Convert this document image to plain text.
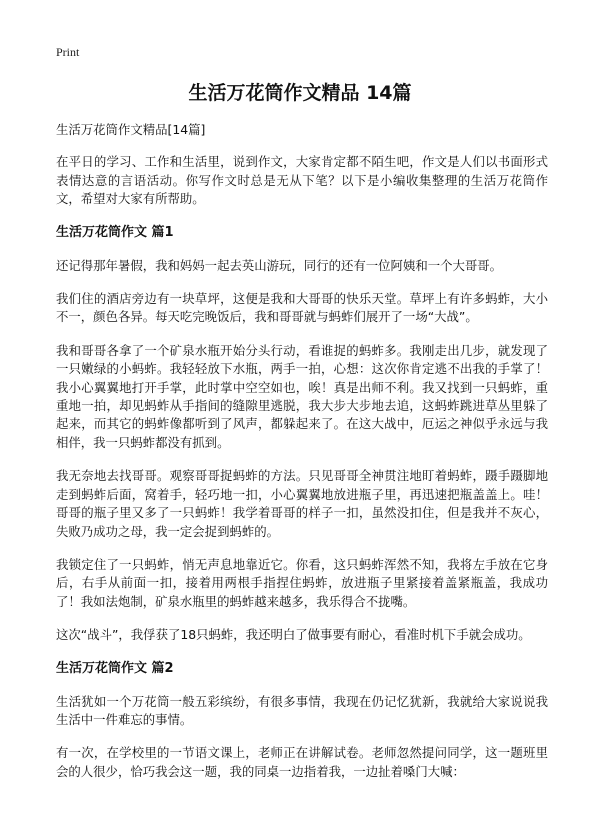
Print
生活万花筒作文精品 14篇

生活万花筒作文精品[14篇]

在平日的学习、工作和生活里，说到作文，大家肯定都不陌生吧，作文是人们以书面形式表情达意的言语活动。你写作文时总是无从下笔？以下是小编收集整理的生活万花筒作文，希望对大家有所帮助。

生活万花筒作文 篇1

还记得那年暑假，我和妈妈一起去英山游玩，同行的还有一位阿姨和一个大哥哥。

我们住的酒店旁边有一块草坪，这便是我和大哥哥的快乐天堂。草坪上有许多蚂蚱，大小不一，颜色各异。每天吃完晚饭后，我和哥哥就与蚂蚱们展开了一场“大战”。

我和哥哥各拿了一个矿泉水瓶开始分头行动，看谁捉的蚂蚱多。我刚走出几步，就发现了一只嫩绿的小蚂蚱。我轻轻放下水瓶，两手一拍，心想：这次你肯定逃不出我的手掌了！我小心翼翼地打开手掌，此时掌中空空如也，唉！真是出师不利。我又找到一只蚂蚱，重重地一拍，却见蚂蚱从手指间的缝隙里逃脱，我大步大步地去追，这蚂蚱跳进草丛里躲了起来，而其它的蚂蚱像都听到了风声，都躲起来了。在这大战中，厄运之神似乎永远与我相伴，我一只蚂蚱都没有抓到。

我无奈地去找哥哥。观察哥哥捉蚂蚱的方法。只见哥哥全神贯注地盯着蚂蚱，蹑手蹑脚地走到蚂蚱后面，窝着手，轻巧地一扣，小心翼翼地放进瓶子里，再迅速把瓶盖盖上。哇！哥哥的瓶子里又多了一只蚂蚱！我学着哥哥的样子一扣，虽然没扣住，但是我并不灰心，失败乃成功之母，我一定会捉到蚂蚱的。

我锁定住了一只蚂蚱，悄无声息地靠近它。你看，这只蚂蚱浑然不知，我将左手放在它身后，右手从前面一扣，接着用两根手指捏住蚂蚱，放进瓶子里紧接着盖紧瓶盖，我成功了！我如法炮制，矿泉水瓶里的蚂蚱越来越多，我乐得合不拢嘴。

这次“战斗”，我俘获了18只蚂蚱，我还明白了做事要有耐心，看准时机下手就会成功。

生活万花筒作文 篇2

生活犹如一个万花筒一般五彩缤纷，有很多事情，我现在仍记忆犹新，我就给大家说说我生活中一件难忘的事情。

有一次，在学校里的一节语文课上，老师正在讲解试卷。老师忽然提问同学，这一题班里会的人很少，恰巧我会这一题，我的同桌一边指着我，一边扯着嗓门大喊：
